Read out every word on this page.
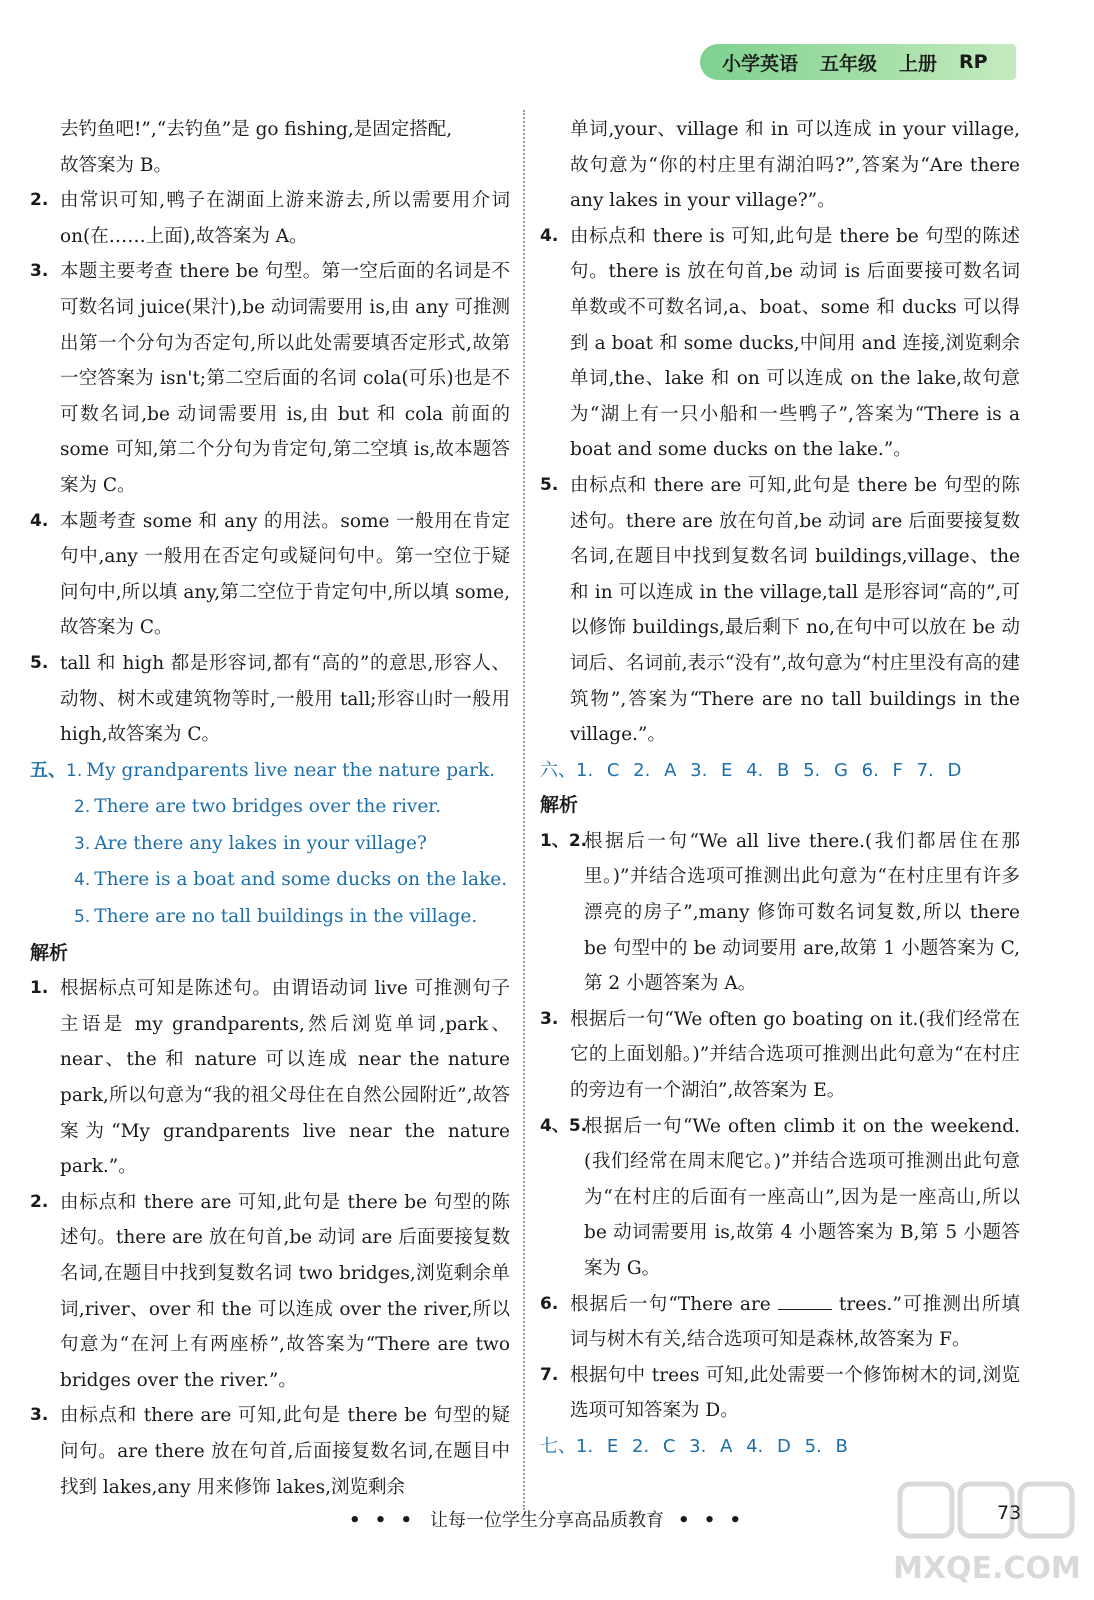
小学英语 五年级 上册 RP
去钓鱼吧!”,“去钓鱼”是 go fishing,是固定搭配,
故答案为 B。
2. 由常识可知,鸭子在湖面上游来游去,所以需要用介词 on(在……上面),故答案为 A。
3. 本题主要考查 there be 句型。第一空后面的名词是不可数名词 juice(果汁),be 动词需要用 is,由 any 可推测出第一个分句为否定句,所以此处需要填否定形式,故第一空答案为 isn't;第二空后面的名词 cola(可乐)也是不可数名词,be 动词需要用 is,由 but 和 cola 前面的 some 可知,第二个分句为肯定句,第二空填 is,故本题答案为 C。
4. 本题考查 some 和 any 的用法。some 一般用在肯定句中,any 一般用在否定句或疑问句中。第一空位于疑问句中,所以填 any,第二空位于肯定句中,所以填 some,故答案为 C。
5. tall 和 high 都是形容词,都有“高的”的意思,形容人、动物、树木或建筑物等时,一般用 tall;形容山时一般用 high,故答案为 C。
五、1. My grandparents live near the nature park.
2. There are two bridges over the river.
3. Are there any lakes in your village?
4. There is a boat and some ducks on the lake.
5. There are no tall buildings in the village.
解析
1. 根据标点可知是陈述句。由谓语动词 live 可推测句子主语是 my grandparents,然后浏览单词,park、near、the 和 nature 可以连成 near the nature park,所以句意为“我的祖父母住在自然公园附近”,故答案为“My grandparents live near the nature park.”。
2. 由标点和 there are 可知,此句是 there be 句型的陈述句。there are 放在句首,be 动词 are 后面要接复数名词,在题目中找到复数名词 two bridges,浏览剩余单词,river、over 和 the 可以连成 over the river,所以句意为“在河上有两座桥”,故答案为“There are two bridges over the river.”。
3. 由标点和 there are 可知,此句是 there be 句型的疑问句。are there 放在句首,后面接复数名词,在题目中找到 lakes,any 用来修饰 lakes,浏览剩余
单词,your、village 和 in 可以连成 in your village,故句意为“你的村庄里有湖泊吗?”,答案为“Are there any lakes in your village?”。
4. 由标点和 there is 可知,此句是 there be 句型的陈述句。there is 放在句首,be 动词 is 后面要接可数名词单数或不可数名词,a、boat、some 和 ducks 可以得到 a boat 和 some ducks,中间用 and 连接,浏览剩余单词,the、lake 和 on 可以连成 on the lake,故句意为“湖上有一只小船和一些鸭子”,答案为“There is a boat and some ducks on the lake.”。
5. 由标点和 there are 可知,此句是 there be 句型的陈述句。there are 放在句首,be 动词 are 后面要接复数名词,在题目中找到复数名词 buildings,village、the 和 in 可以连成 in the village,tall 是形容词“高的”,可以修饰 buildings,最后剩下 no,在句中可以放在 be 动词后、名词前,表示“没有”,故句意为“村庄里没有高的建筑物”,答案为“There are no tall buildings in the village.”。
六、1. C 2. A 3. E 4. B 5. G 6. F 7. D
解析
1、2.
根据后一句“We all live there.(我们都居住在那里。)”并结合选项可推测出此句意为“在村庄里有许多漂亮的房子”,many 修饰可数名词复数,所以 there be 句型中的 be 动词要用 are,故第 1 小题答案为 C,第 2 小题答案为 A。
3. 根据后一句“We often go boating on it.(我们经常在它的上面划船。)”并结合选项可推测出此句意为“在村庄的旁边有一个湖泊”,故答案为 E。
4、5.
根据后一句“We often climb it on the weekend.(我们经常在周末爬它。)”并结合选项可推测出此句意为“在村庄的后面有一座高山”,因为是一座高山,所以 be 动词需要用 is,故第 4 小题答案为 B,第 5 小题答案为 G。
6. 根据后一句“There are	trees.”可推测出所填词与树木有关,结合选项可知是森林,故答案为 F。
7. 根据句中 trees 可知,此处需要一个修饰树木的词,浏览选项可知答案为 D。
七、1. E 2. C 3. A 4. D 5. B
• • • 让每一位学生分享高品质教育 • • •	73
MXQE.COM
